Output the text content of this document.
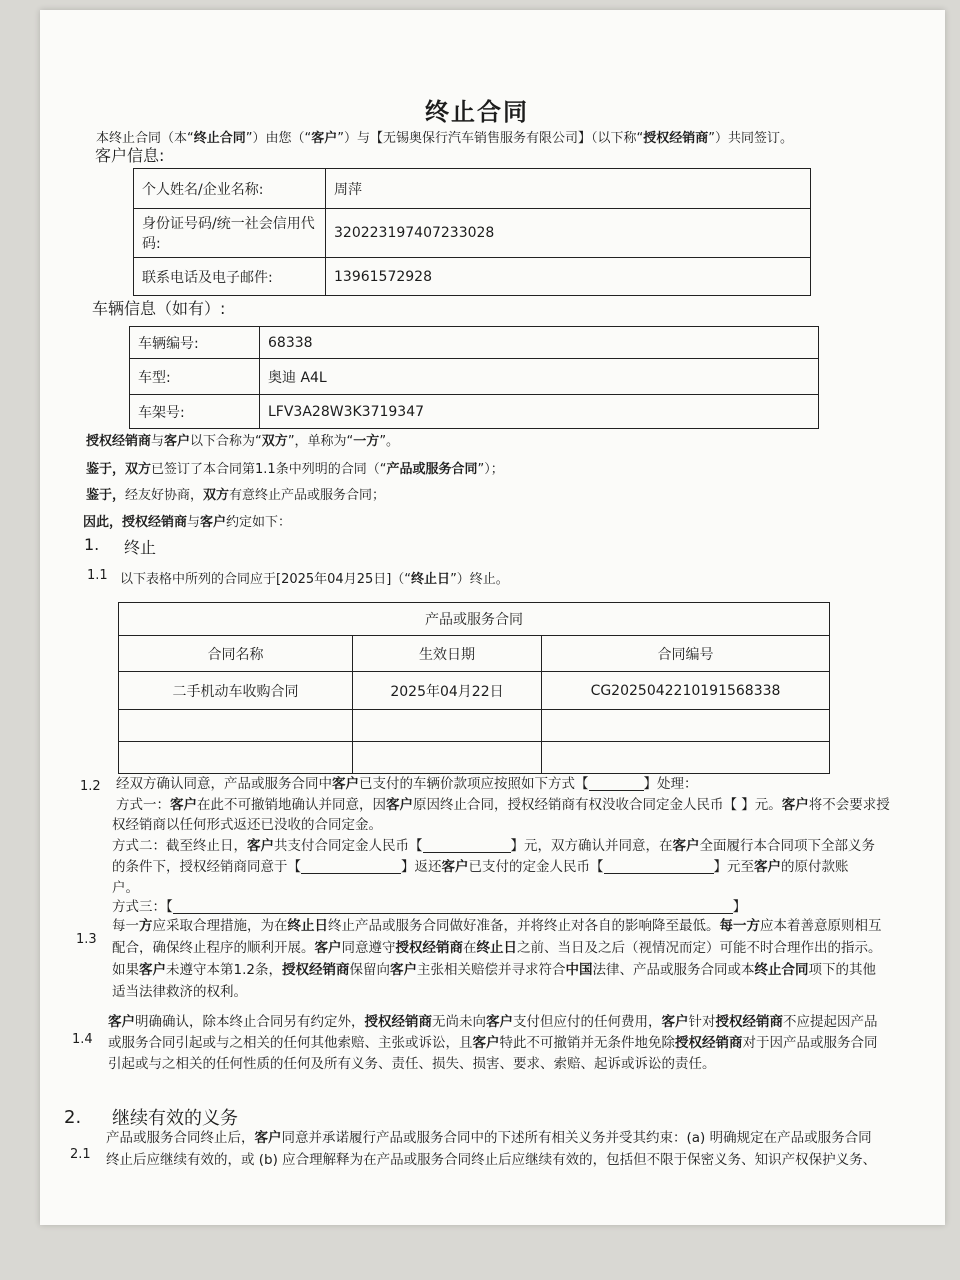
终止合同
本终止合同（本“终止合同”）由您（“客户”）与【无锡奥保行汽车销售服务有限公司】（以下称“授权经销商”）共同签订。
客户信息:
个人姓名/企业名称:	周萍
身份证号码/统一社会信用代码:	320223197407233028
联系电话及电子邮件:	13961572928
车辆信息（如有）:
车辆编号:	68338
车型:	奥迪 A4L
车架号:	LFV3A28W3K3719347
授权经销商与客户以下合称为“双方”，单称为“一方”。
鉴于，双方已签订了本合同第1.1条中列明的合同（“产品或服务合同”）；
鉴于，经友好协商，双方有意终止产品或服务合同；
因此，授权经销商与客户约定如下：
1. 终止
1.1 以下表格中所列的合同应于[2025年04月25日]（“终止日”）终止。
产品或服务合同		
合同名称	生效日期	合同编号
二手机动车收购合同	2025年04月22日	CG2025042210191568338

1.2 经双方确认同意，产品或服务合同中客户已支付的车辆价款项应按照如下方式【	】处理：
方式一：客户在此不可撤销地确认并同意，因客户原因终止合同，授权经销商有权没收合同定金人民币【 】元。客户将不会要求授
权经销商以任何形式返还已没收的合同定金。
方式二：截至终止日，客户共支付合同定金人民币【	】元，双方确认并同意，在客户全面履行本合同项下全部义务
的条件下，授权经销商同意于【	】返还客户已支付的定金人民币【	】元至客户的原付款账
户。
方式三：【	】
1.3
每一方应采取合理措施，为在终止日终止产品或服务合同做好准备，并将终止对各自的影响降至最低。每一方应本着善意原则相互
配合，确保终止程序的顺利开展。客户同意遵守授权经销商在终止日之前、当日及之后（视情况而定）可能不时合理作出的指示。
如果客户未遵守本第1.2条，授权经销商保留向客户主张相关赔偿并寻求符合中国法律、产品或服务合同或本终止合同项下的其他
适当法律救济的权利。
1.4
客户明确确认，除本终止合同另有约定外，授权经销商无尚未向客户支付但应付的任何费用，客户针对授权经销商不应提起因产品
或服务合同引起或与之相关的任何其他索赔、主张或诉讼，且客户特此不可撤销并无条件地免除授权经销商对于因产品或服务合同
引起或与之相关的任何性质的任何及所有义务、责任、损失、损害、要求、索赔、起诉或诉讼的责任。
2. 继续有效的义务
2.1
产品或服务合同终止后，客户同意并承诺履行产品或服务合同中的下述所有相关义务并受其约束：(a) 明确规定在产品或服务合同
终止后应继续有效的，或 (b) 应合理解释为在产品或服务合同终止后应继续有效的，包括但不限于保密义务、知识产权保护义务、
